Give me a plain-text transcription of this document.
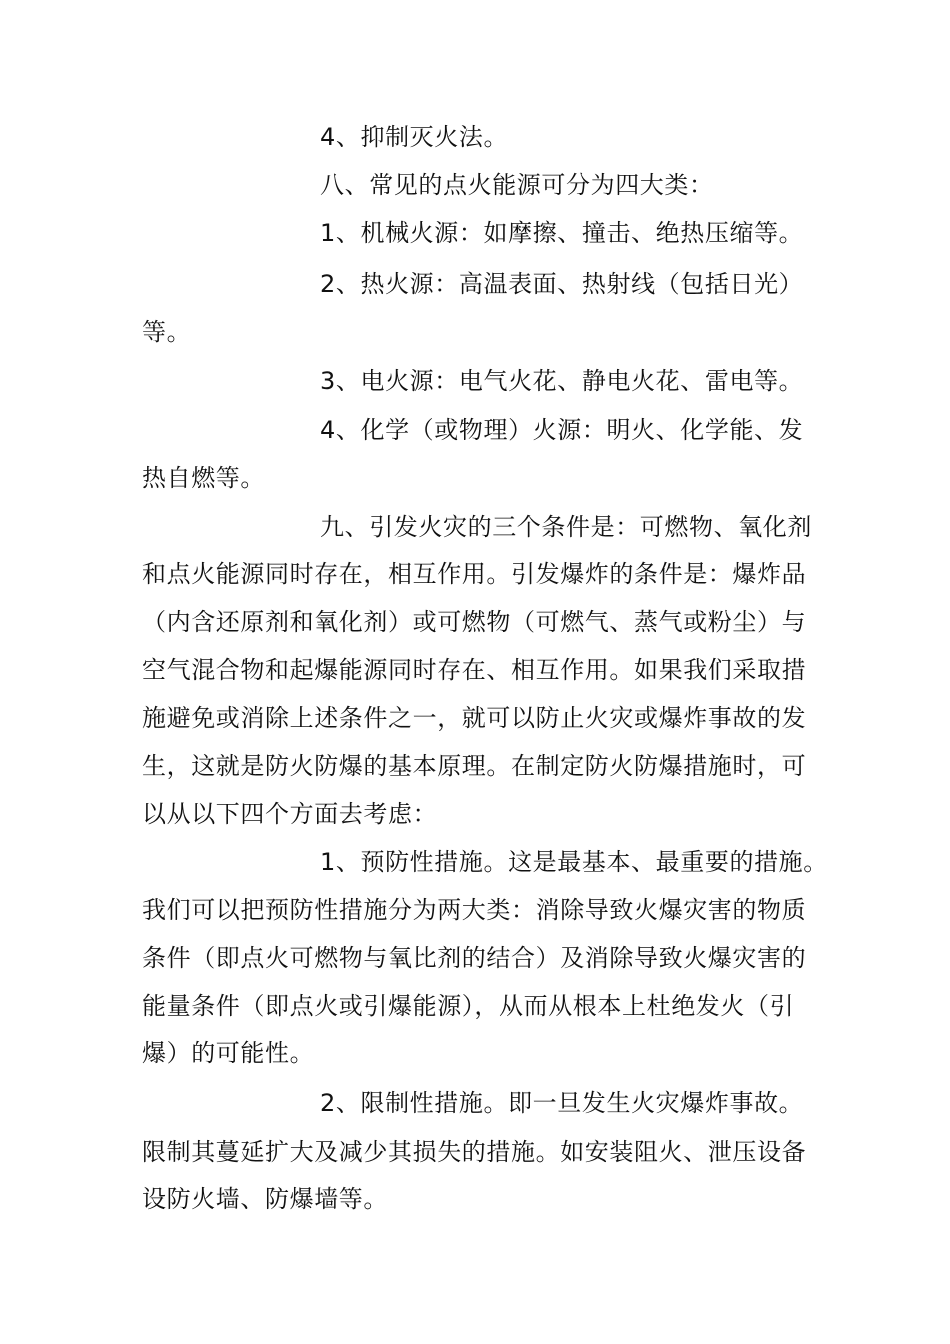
4、抑制灭火法。
八、常见的点火能源可分为四大类：
1、机械火源：如摩擦、撞击、绝热压缩等。
2、热火源：高温表面、热射线（包括日光）
等。
3、电火源：电气火花、静电火花、雷电等。
4、化学（或物理）火源：明火、化学能、发
热自燃等。
九、引发火灾的三个条件是：可燃物、氧化剂
和点火能源同时存在，相互作用。引发爆炸的条件是：爆炸品
（内含还原剂和氧化剂）或可燃物（可燃气、蒸气或粉尘）与
空气混合物和起爆能源同时存在、相互作用。如果我们采取措
施避免或消除上述条件之一，就可以防止火灾或爆炸事故的发
生，这就是防火防爆的基本原理。在制定防火防爆措施时，可
以从以下四个方面去考虑：
1、预防性措施。这是最基本、最重要的措施。
我们可以把预防性措施分为两大类：消除导致火爆灾害的物质
条件（即点火可燃物与氧比剂的结合）及消除导致火爆灾害的
能量条件（即点火或引爆能源），从而从根本上杜绝发火（引
爆）的可能性。
2、限制性措施。即一旦发生火灾爆炸事故。
限制其蔓延扩大及减少其损失的措施。如安装阻火、泄压设备
设防火墙、防爆墙等。
